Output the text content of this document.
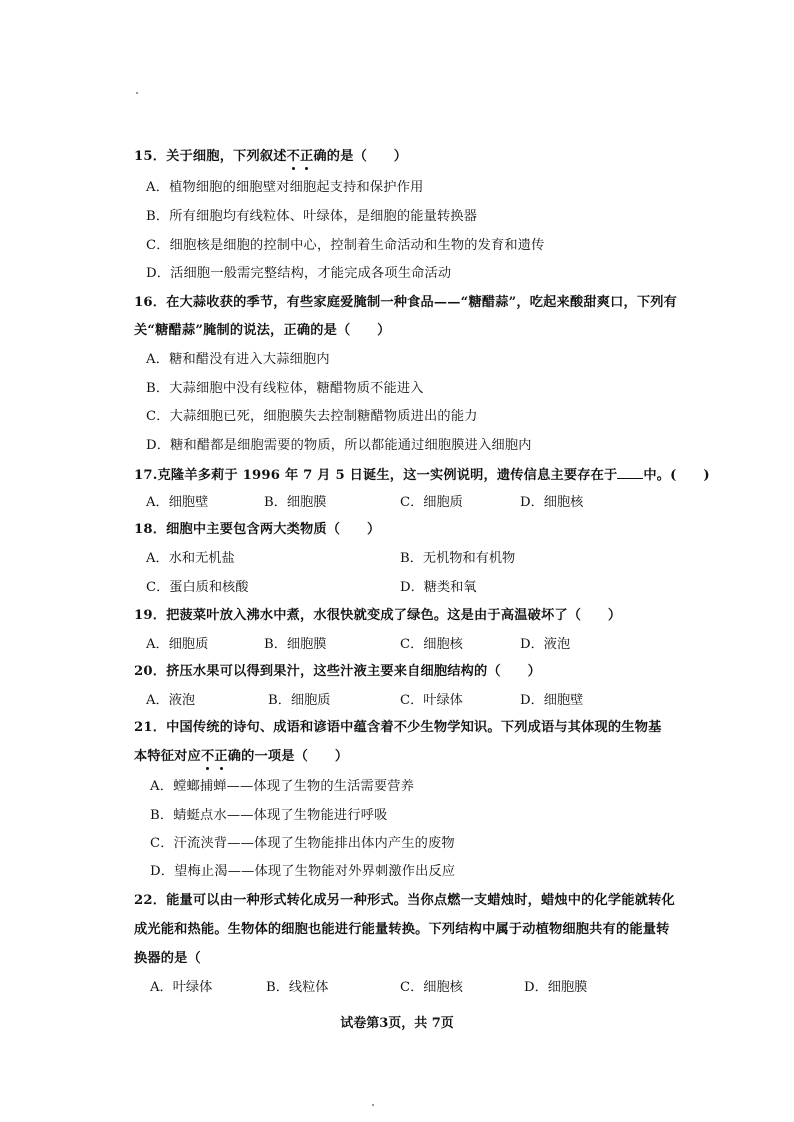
15．关于细胞，下列叙述不正确的是（　　）
A．植物细胞的细胞壁对细胞起支持和保护作用
B．所有细胞均有线粒体、叶绿体，是细胞的能量转换器
C．细胞核是细胞的控制中心，控制着生命活动和生物的发育和遗传
D．活细胞一般需完整结构，才能完成各项生命活动
16．在大蒜收获的季节，有些家庭爱腌制一种食品——“糖醋蒜”，吃起来酸甜爽口，下列有
关“糖醋蒜”腌制的说法，正确的是（　　）
A．糖和醋没有进入大蒜细胞内
B．大蒜细胞中没有线粒体，糖醋物质不能进入
C．大蒜细胞已死，细胞膜失去控制糖醋物质进出的能力
D．糖和醋都是细胞需要的物质，所以都能通过细胞膜进入细胞内
17.克隆羊多莉于 1996 年 7 月 5 日诞生，这一实例说明，遗传信息主要存在于 中。(　　)
A．细胞壁	B．细胞膜	C．细胞质	D．细胞核
18．细胞中主要包含两大类物质（　　）
A．水和无机盐	B．无机物和有机物
C．蛋白质和核酸	D．糖类和氧
19．把菠菜叶放入沸水中煮，水很快就变成了绿色。这是由于高温破坏了（　　）
A．细胞质	B．细胞膜	C．细胞核	D．液泡
20．挤压水果可以得到果汁，这些汁液主要来自细胞结构的（　　）
A．液泡	B．细胞质	C．叶绿体	D．细胞壁
21．中国传统的诗句、成语和谚语中蕴含着不少生物学知识。下列成语与其体现的生物基
本特征对应不正确的一项是（　　）
A．螳螂捕蝉——体现了生物的生活需要营养
B．蜻蜓点水——体现了生物能进行呼吸
C．汗流浃背——体现了生物能排出体内产生的废物
D．望梅止渴——体现了生物能对外界刺激作出反应
22．能量可以由一种形式转化成另一种形式。当你点燃一支蜡烛时，蜡烛中的化学能就转化
成光能和热能。生物体的细胞也能进行能量转换。下列结构中属于动植物细胞共有的能量转
换器的是（
A．叶绿体	B．线粒体	C．细胞核	D．细胞膜
试卷第3页，共 7页
